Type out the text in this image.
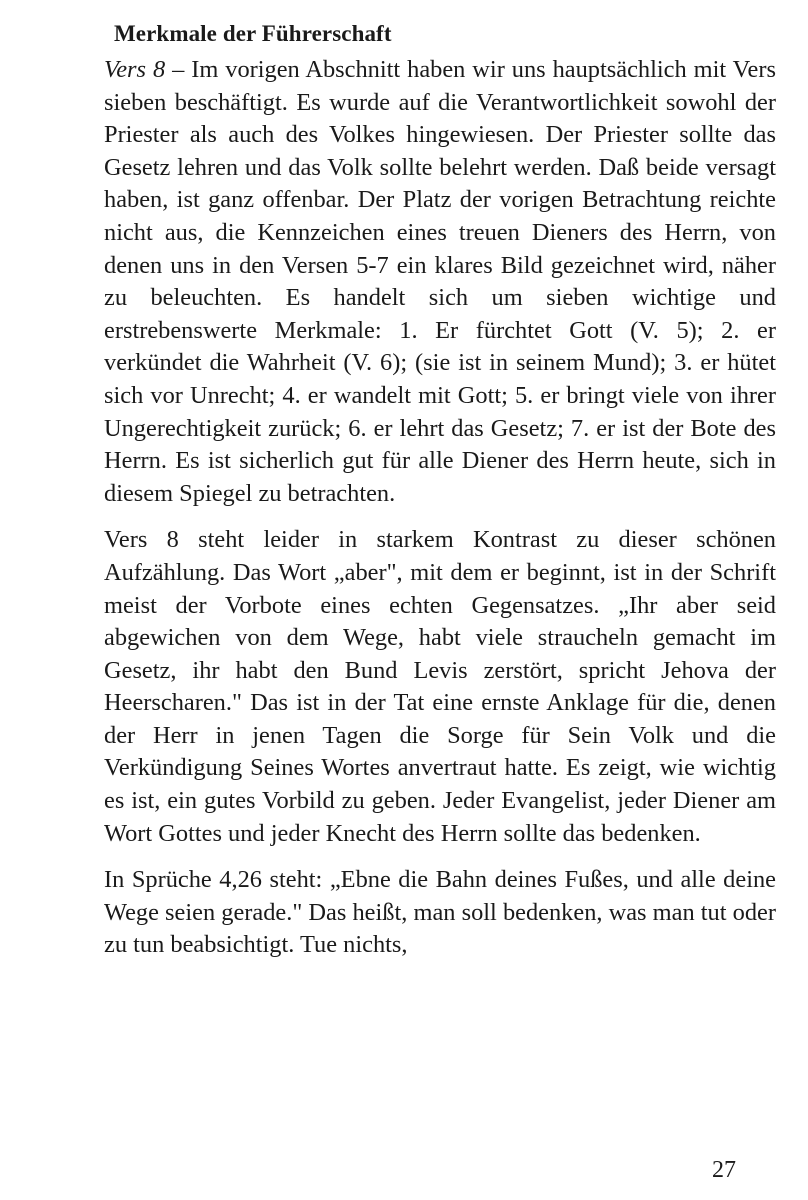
Merkmale der Führerschaft

Vers 8 – Im vorigen Abschnitt haben wir uns hauptsächlich mit Vers sieben beschäftigt. Es wurde auf die Verantwortlichkeit sowohl der Priester als auch des Volkes hingewiesen. Der Priester sollte das Gesetz lehren und das Volk sollte belehrt werden. Daß beide versagt haben, ist ganz offenbar. Der Platz der vorigen Betrachtung reichte nicht aus, die Kennzeichen eines treuen Dieners des Herrn, von denen uns in den Versen 5-7 ein klares Bild gezeichnet wird, näher zu beleuchten. Es handelt sich um sieben wichtige und erstrebenswerte Merkmale: 1. Er fürchtet Gott (V. 5); 2. er verkündet die Wahrheit (V. 6); (sie ist in seinem Mund); 3. er hütet sich vor Unrecht; 4. er wandelt mit Gott; 5. er bringt viele von ihrer Ungerechtigkeit zurück; 6. er lehrt das Gesetz; 7. er ist der Bote des Herrn. Es ist sicherlich gut für alle Diener des Herrn heute, sich in diesem Spiegel zu betrachten.

Vers 8 steht leider in starkem Kontrast zu dieser schönen Aufzählung. Das Wort „aber", mit dem er beginnt, ist in der Schrift meist der Vorbote eines echten Gegensatzes. „Ihr aber seid abgewichen von dem Wege, habt viele straucheln gemacht im Gesetz, ihr habt den Bund Levis zerstört, spricht Jehova der Heerscharen." Das ist in der Tat eine ernste Anklage für die, denen der Herr in jenen Tagen die Sorge für Sein Volk und die Verkündigung Seines Wortes anvertraut hatte. Es zeigt, wie wichtig es ist, ein gutes Vorbild zu geben. Jeder Evangelist, jeder Diener am Wort Gottes und jeder Knecht des Herrn sollte das bedenken.

In Sprüche 4,26 steht: „Ebne die Bahn deines Fußes, und alle deine Wege seien gerade." Das heißt, man soll bedenken, was man tut oder zu tun beabsichtigt. Tue nichts,

27
